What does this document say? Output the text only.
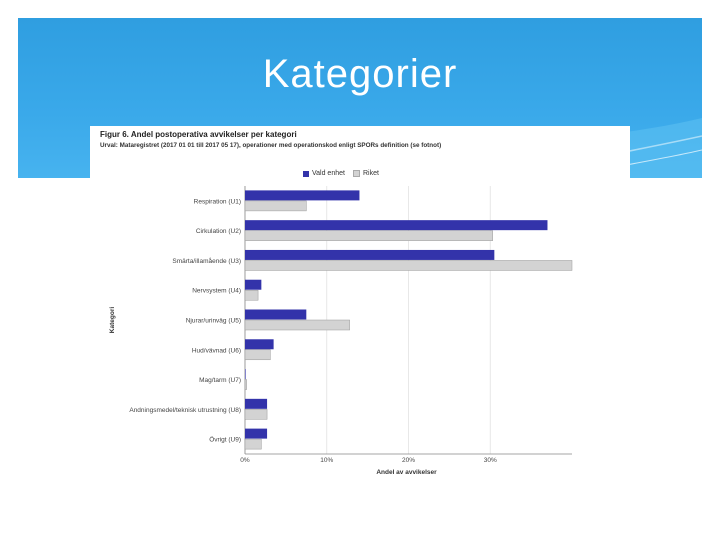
Kategorier
Figur 6. Andel postoperativa avvikelser per kategori
Urval: Mataregistret (2017 01 01 till 2017 05 17), operationer med operationskod enligt SPORs definition (se fotnot)
Vald enhet	Riket
0%	10%	20%	30%
Respiration (U1)
Cirkulation (U2)
Smärta/illamående (U3)
Nervsystem (U4)
Njurar/urinväg (U5)
Hud/vävnad (U6)
Mag/tarm (U7)
Andningsmedel/teknisk utrustning (U8)
Övrigt (U9)
Andel av avvikelser
Kategori
